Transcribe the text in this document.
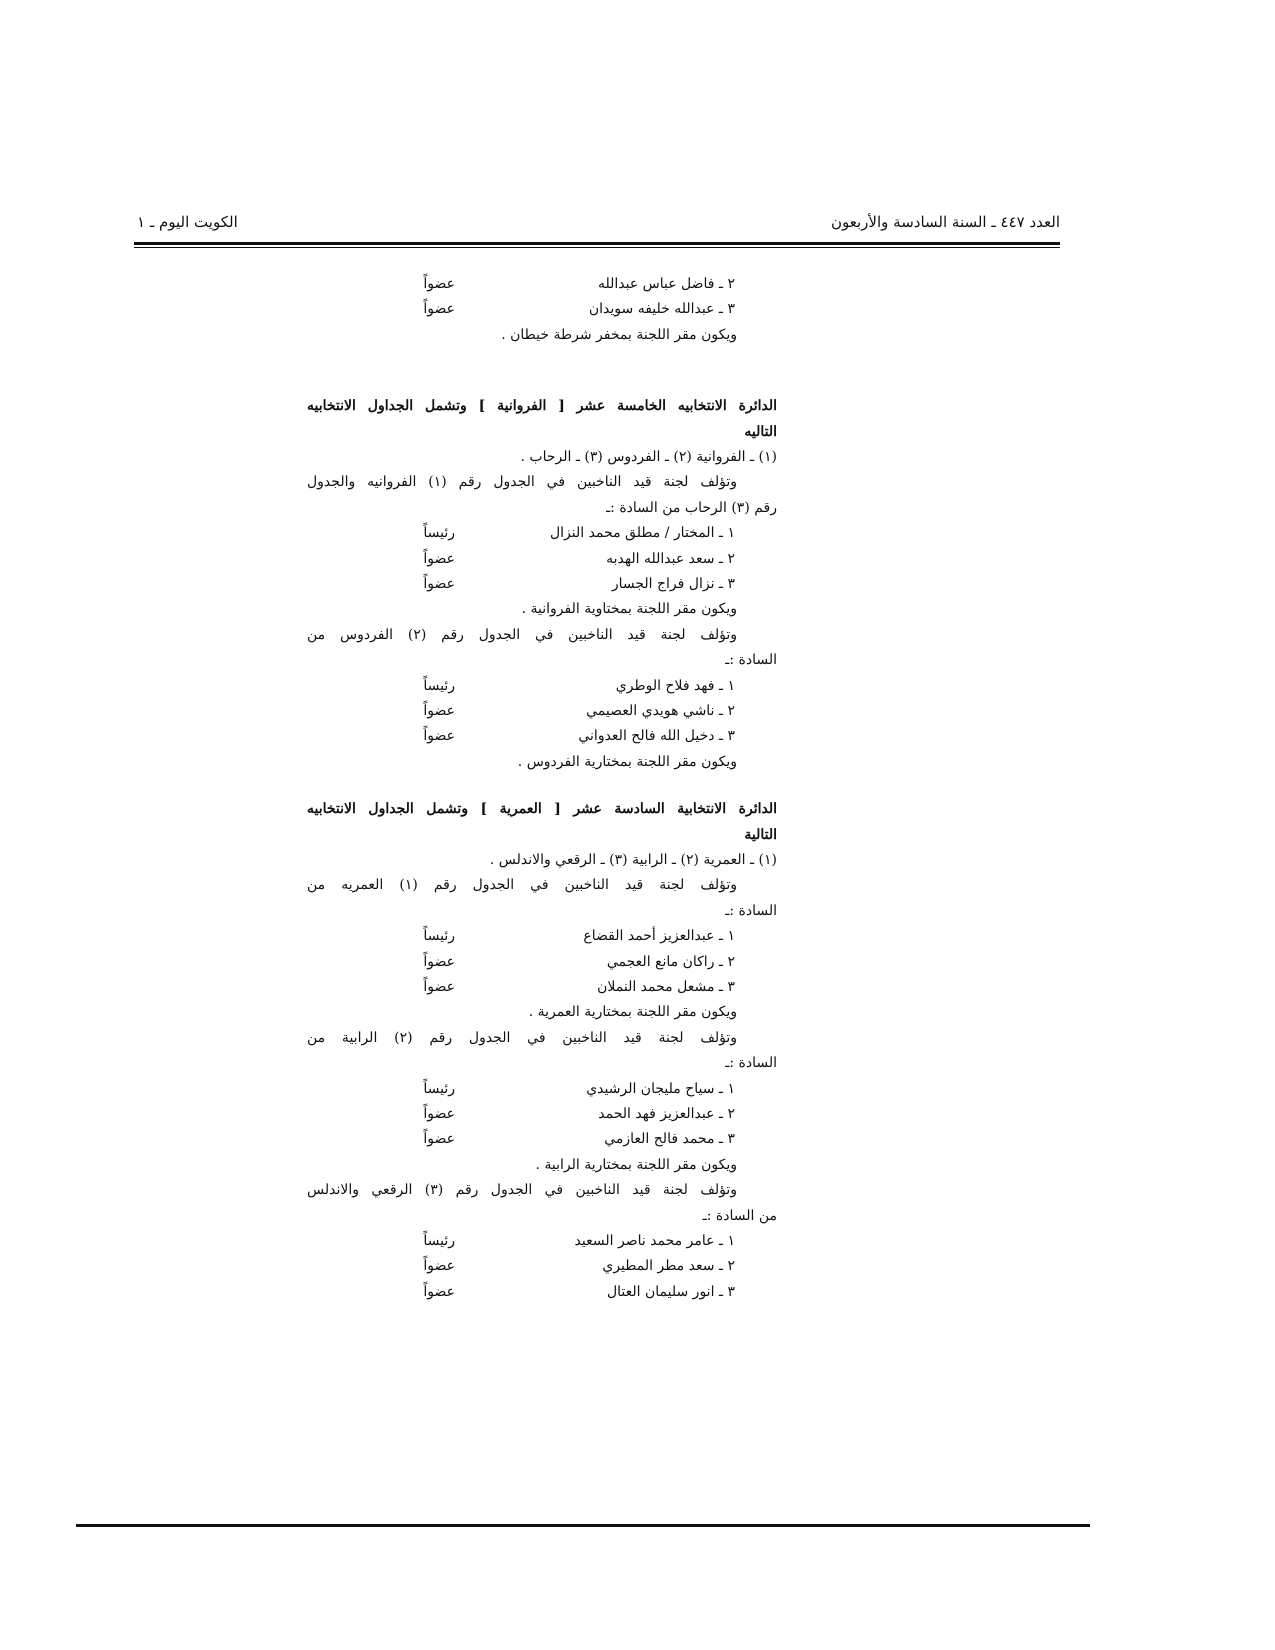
العدد ٤٤٧ ـ السنة السادسة والأربعون
الكويت اليوم ـ ١
٢ ـ فاضل عباس عبدالله
عضواً
٣ ـ عبدالله خليفه سويدان
عضواً
ويكون مقر اللجنة بمخفر شرطة خيطان .
الدائرة الانتخابيه الخامسة عشر [ الفروانية ] وتشمل الجداول الانتخابيه
التاليه
(١) ـ الفروانية (٢) ـ الفردوس (٣) ـ الرحاب .
وتؤلف لجنة قيد الناخبين في الجدول رقم (١) الفروانيه والجدول
رقم (٣) الرحاب من السادة :ـ
١ ـ المختار / مطلق محمد النزال
رئيساً
٢ ـ سعد عبدالله الهدبه
عضواً
٣ ـ نزال فراج الجسار
عضواً
ويكون مقر اللجنة بمختاوية الفروانية .
وتؤلف لجنة قيد الناخبين في الجدول رقم (٢) الفردوس من
السادة :ـ
١ ـ فهد فلاح الوطري
رئيساً
٢ ـ ناشي هويدي العصيمي
عضواً
٣ ـ دخيل الله فالح العدواني
عضواً
ويكون مقر اللجنة بمختارية الفردوس .
الدائرة الانتخابية السادسة عشر [ العمرية ] وتشمل الجداول الانتخابيه
التالية
(١) ـ العمرية (٢) ـ الرابية (٣) ـ الرقعي والاندلس .
وتؤلف لجنة قيد الناخبين في الجدول رقم (١) العمريه من
السادة :ـ
١ ـ عبدالعزيز أحمد القضاع
رئيساً
٢ ـ راكان مانع العجمي
عضواً
٣ ـ مشعل محمد النملان
عضواً
ويكون مقر اللجنة بمختارية العمرية .
وتؤلف لجنة قيد الناخبين في الجدول رقم (٢) الرابية من
السادة :ـ
١ ـ سياح مليجان الرشيدي
رئيساً
٢ ـ عبدالعزيز فهد الحمد
عضواً
٣ ـ محمد فالح العازمي
عضواً
ويكون مقر اللجنة بمختارية الرابية .
وتؤلف لجنة قيد الناخبين في الجدول رقم (٣) الرقعي والاندلس
من السادة :ـ
١ ـ عامر محمد ناصر السعيد
رئيساً
٢ ـ سعد مطر المطيري
عضواً
٣ ـ انور سليمان العتال
عضواً
